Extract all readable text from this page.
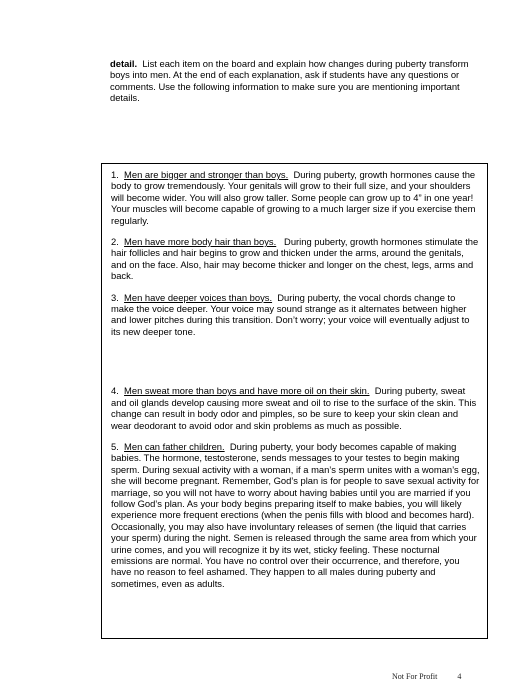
detail. List each item on the board and explain how changes during puberty transform boys into men. At the end of each explanation, ask if students have any questions or comments. Use the following information to make sure you are mentioning important details.
1. Men are bigger and stronger than boys. During puberty, growth hormones cause the body to grow tremendously. Your genitals will grow to their full size, and your shoulders will become wider. You will also grow taller. Some people can grow up to 4” in one year! Your muscles will become capable of growing to a much larger size if you exercise them regularly.
2. Men have more body hair than boys. During puberty, growth hormones stimulate the hair follicles and hair begins to grow and thicken under the arms, around the genitals, and on the face. Also, hair may become thicker and longer on the chest, legs, arms and back.
3. Men have deeper voices than boys. During puberty, the vocal chords change to make the voice deeper. Your voice may sound strange as it alternates between higher and lower pitches during this transition. Don’t worry; your voice will eventually adjust to its new deeper tone.
4. Men sweat more than boys and have more oil on their skin. During puberty, sweat and oil glands develop causing more sweat and oil to rise to the surface of the skin. This change can result in body odor and pimples, so be sure to keep your skin clean and wear deodorant to avoid odor and skin problems as much as possible.
5. Men can father children. During puberty, your body becomes capable of making babies. The hormone, testosterone, sends messages to your testes to begin making sperm. During sexual activity with a woman, if a man’s sperm unites with a woman’s egg, she will become pregnant. Remember, God’s plan is for people to save sexual activity for marriage, so you will not have to worry about having babies until you are married if you follow God’s plan. As your body begins preparing itself to make babies, you will likely experience more frequent erections (when the penis fills with blood and becomes hard). Occasionally, you may also have involuntary releases of semen (the liquid that carries your sperm) during the night. Semen is released through the same area from which your urine comes, and you will recognize it by its wet, sticky feeling. These nocturnal emissions are normal. You have no control over their occurrence, and therefore, you have no reason to feel ashamed. They happen to all males during puberty and sometimes, even as adults.
Not For Profit	4
